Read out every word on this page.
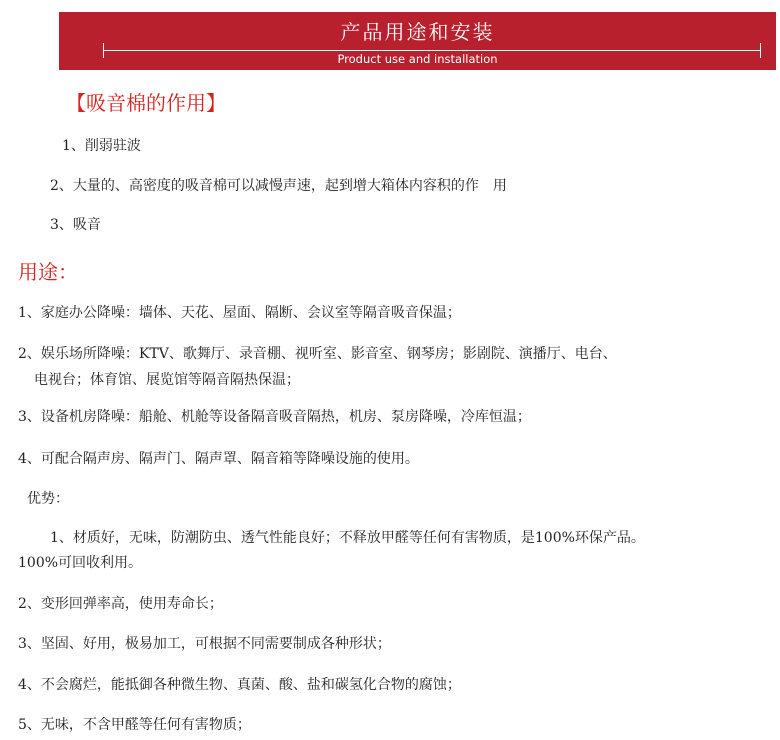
产品用途和安装
Product use and installation
【吸音棉的作用】
1、削弱驻波
2、大量的、高密度的吸音棉可以减慢声速，起到增大箱体内容积的作　用
3、吸音
用途：
1、家庭办公降噪：墙体、天花、屋面、隔断、会议室等隔音吸音保温；
2、娱乐场所降噪：KTV、歌舞厅、录音棚、视听室、影音室、钢琴房；影剧院、演播厅、电台、
电视台；体育馆、展览馆等隔音隔热保温；
3、设备机房降噪：船舱、机舱等设备隔音吸音隔热，机房、泵房降噪，冷库恒温；
4、可配合隔声房、隔声门、隔声罩、隔音箱等降噪设施的使用。
优势：
1、材质好，无味，防潮防虫、透气性能良好；不释放甲醛等任何有害物质，是100%环保产品。
100%可回收利用。
2、变形回弹率高，使用寿命长；
3、坚固、好用，极易加工，可根据不同需要制成各种形状；
4、不会腐烂，能抵御各种微生物、真菌、酸、盐和碳氢化合物的腐蚀；
5、无味，不含甲醛等任何有害物质；
